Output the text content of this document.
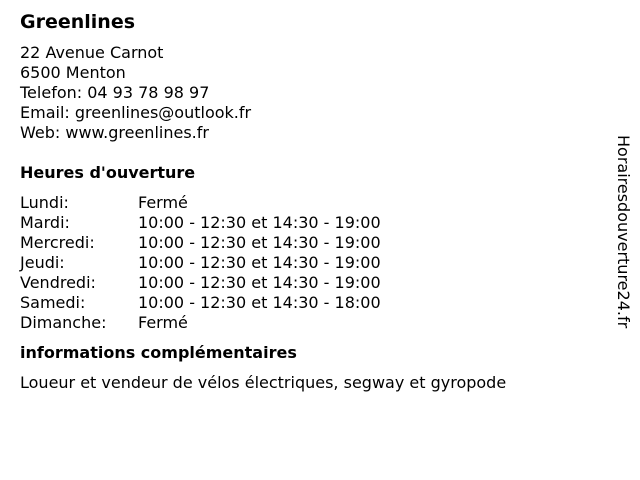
Greenlines
22 Avenue Carnot
6500 Menton
Telefon: 04 93 78 98 97
Email: greenlines@outlook.fr
Web: www.greenlines.fr
Heures d'ouverture
Lundi:	Fermé
Mardi:	10:00 - 12:30 et 14:30 - 19:00
Mercredi:	10:00 - 12:30 et 14:30 - 19:00
Jeudi:	10:00 - 12:30 et 14:30 - 19:00
Vendredi:	10:00 - 12:30 et 14:30 - 19:00
Samedi:	10:00 - 12:30 et 14:30 - 18:00
Dimanche:	Fermé
informations complémentaires
Loueur et vendeur de vélos électriques, segway et gyropode
Horairesdouverture24.fr
